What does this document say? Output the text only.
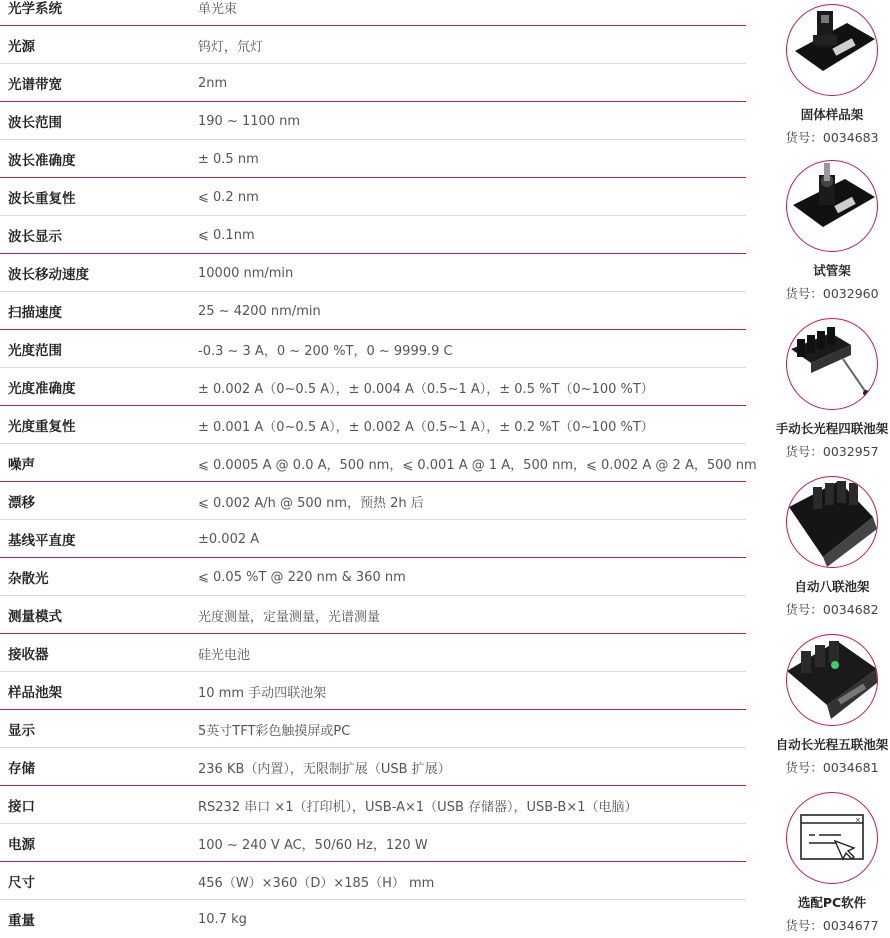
光学系统	单光束
光源	钨灯，氘灯
光谱带宽	2nm
波长范围	190 ~ 1100 nm
波长准确度	± 0.5 nm
波长重复性	⩽ 0.2 nm
波长显示	⩽ 0.1nm
波长移动速度	10000 nm/min
扫描速度	25 ~ 4200 nm/min
光度范围	-0.3 ~ 3 A，0 ~ 200 %T，0 ~ 9999.9 C
光度准确度	± 0.002 A（0~0.5 A），± 0.004 A（0.5~1 A），± 0.5 %T（0~100 %T）
光度重复性	± 0.001 A（0~0.5 A），± 0.002 A（0.5~1 A），± 0.2 %T（0~100 %T）
噪声	⩽ 0.0005 A @ 0.0 A，500 nm，⩽ 0.001 A @ 1 A，500 nm，⩽ 0.002 A @ 2 A，500 nm
漂移	⩽ 0.002 A/h @ 500 nm，预热 2h 后
基线平直度	±0.002 A
杂散光	⩽ 0.05 %T @ 220 nm & 360 nm
测量模式	光度测量，定量测量，光谱测量
接收器	硅光电池
样品池架	10 mm 手动四联池架
显示	5英寸TFT彩色触摸屏或PC
存储	236 KB（内置），无限制扩展（USB 扩展）
接口	RS232 串口 ×1（打印机），USB-A×1（USB 存储器），USB-B×1（电脑）
电源	100 ~ 240 V AC，50/60 Hz，120 W
尺寸	456（W）×360（D）×185（H） mm
重量	10.7 kg
固体样品架
货号：0034683
试管架
货号：0032960
手动长光程四联池架
货号：0032957
自动八联池架
货号：0034682
自动长光程五联池架
货号：0034681
×
选配PC软件
货号：0034677
